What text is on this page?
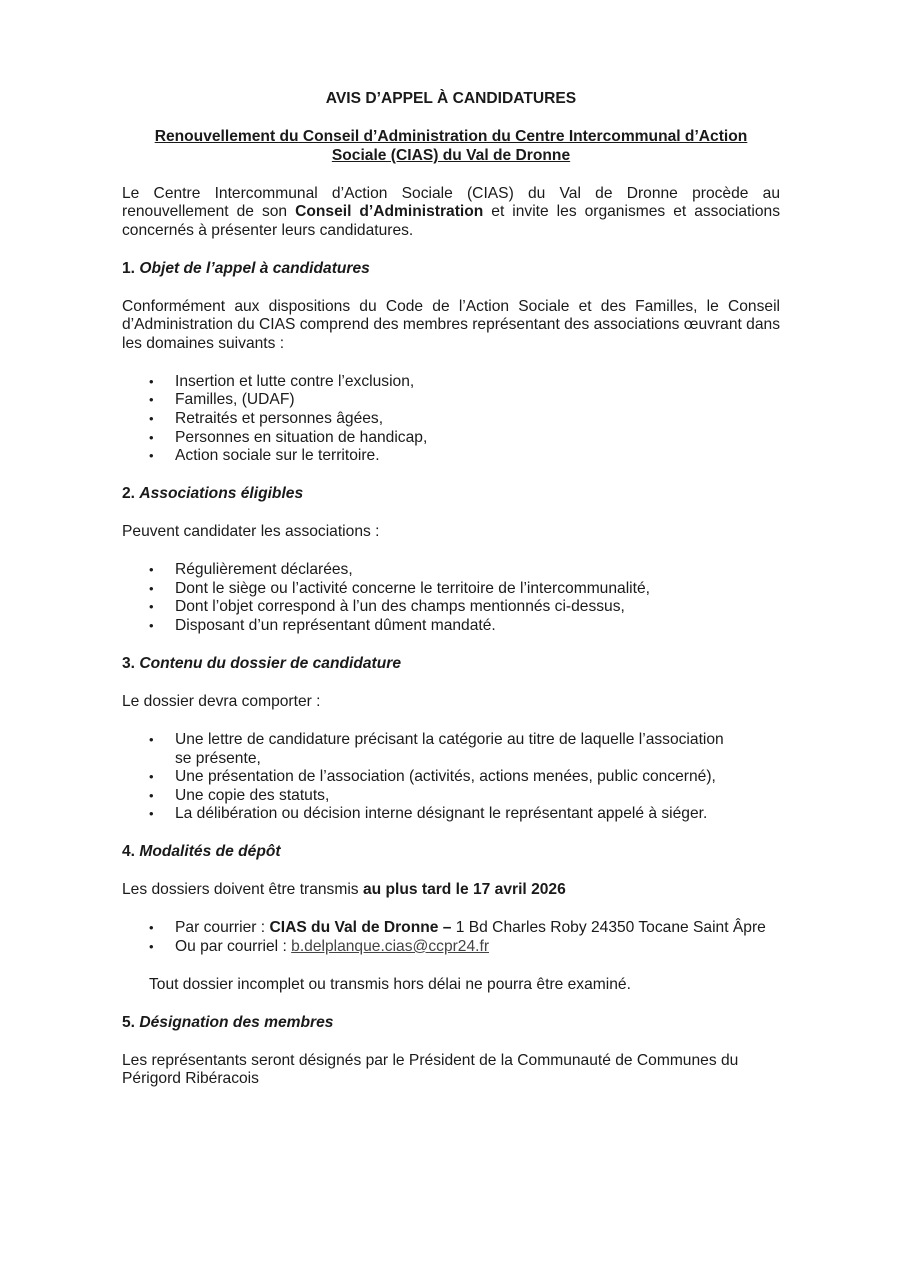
AVIS D’APPEL À CANDIDATURES
Renouvellement du Conseil d’Administration du Centre Intercommunal d’Action Sociale (CIAS) du Val de Dronne
Le Centre Intercommunal d’Action Sociale (CIAS) du Val de Dronne procède au renouvellement de son Conseil d’Administration et invite les organismes et associations concernés à présenter leurs candidatures.
1. Objet de l’appel à candidatures
Conformément aux dispositions du Code de l’Action Sociale et des Familles, le Conseil d’Administration du CIAS comprend des membres représentant des associations œuvrant dans les domaines suivants :
• Insertion et lutte contre l’exclusion,
• Familles, (UDAF)
• Retraités et personnes âgées,
• Personnes en situation de handicap,
• Action sociale sur le territoire.
2. Associations éligibles
Peuvent candidater les associations :
• Régulièrement déclarées,
• Dont le siège ou l’activité concerne le territoire de l’intercommunalité,
• Dont l’objet correspond à l’un des champs mentionnés ci-dessus,
• Disposant d’un représentant dûment mandaté.
3. Contenu du dossier de candidature
Le dossier devra comporter :
• Une lettre de candidature précisant la catégorie au titre de laquelle l’association se présente,
• Une présentation de l’association (activités, actions menées, public concerné),
• Une copie des statuts,
• La délibération ou décision interne désignant le représentant appelé à siéger.
4. Modalités de dépôt
Les dossiers doivent être transmis au plus tard le 17 avril 2026
• Par courrier : CIAS du Val de Dronne – 1 Bd Charles Roby 24350 Tocane Saint Âpre
• Ou par courriel : b.delplanque.cias@ccpr24.fr
Tout dossier incomplet ou transmis hors délai ne pourra être examiné.
5. Désignation des membres
Les représentants seront désignés par le Président de la Communauté de Communes du Périgord Ribéracois
